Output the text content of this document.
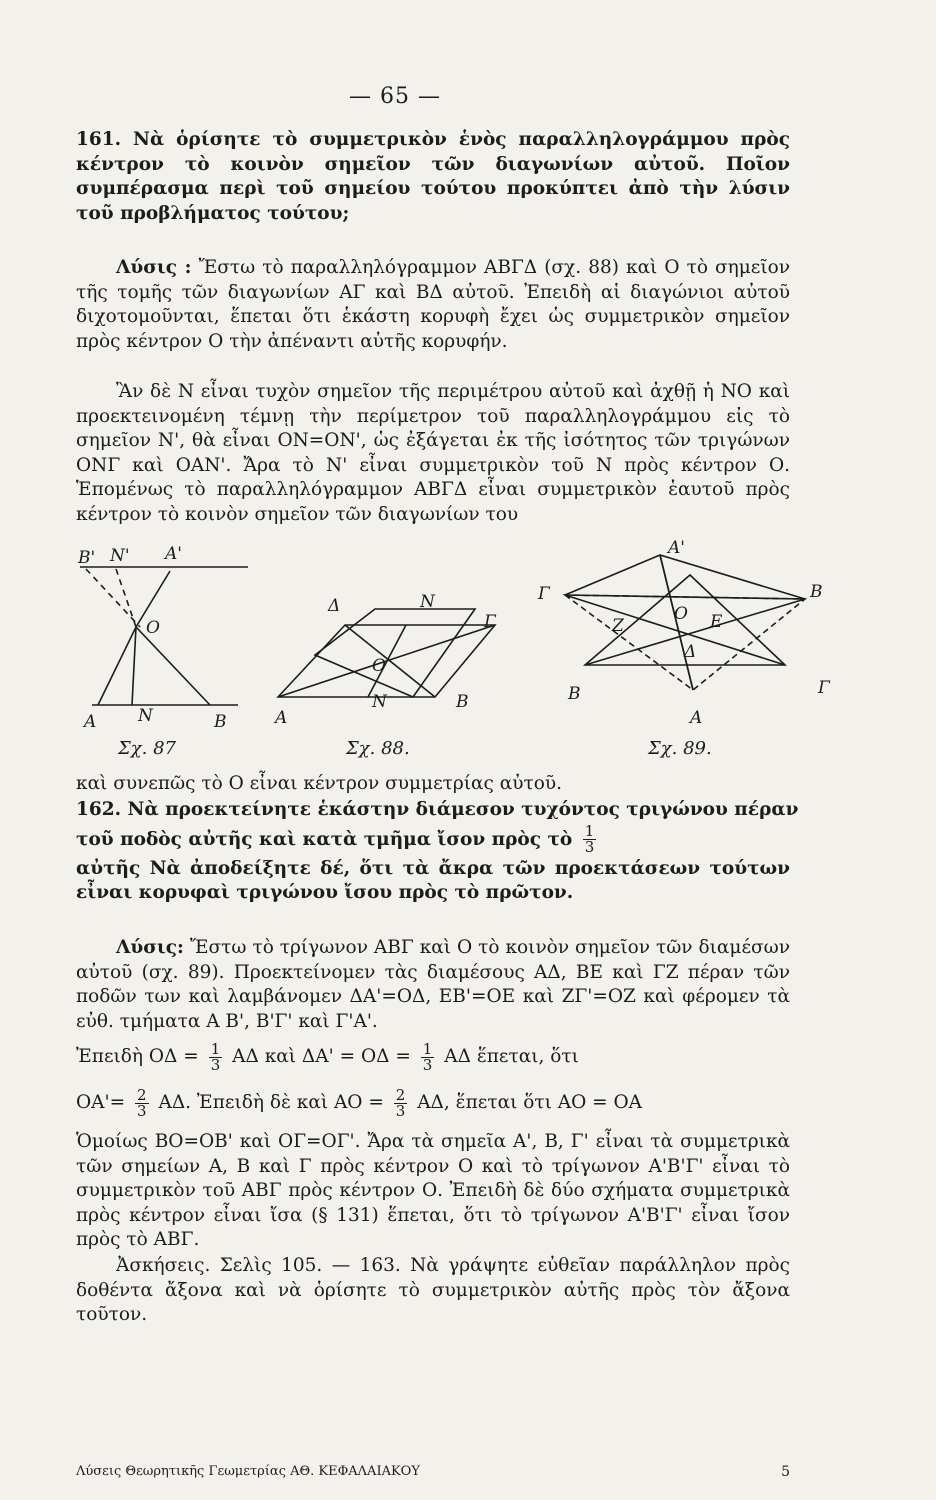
— 65 —
161. Νὰ ὁρίσητε τὸ συμμετρικὸν ἑνὸς παραλληλογράμμου πρὸς κέντρον τὸ κοινὸν σημεῖον τῶν διαγωνίων αὐτοῦ. Ποῖον συμπέρασμα περὶ τοῦ σημείου τούτου προκύπτει ἀπὸ τὴν λύσιν τοῦ προβλήματος τούτου;
Λύσις : Ἔστω τὸ παραλληλόγραμμον ΑΒΓΔ (σχ. 88) καὶ Ο τὸ σημεῖον τῆς τομῆς τῶν διαγωνίων ΑΓ καὶ ΒΔ αὐτοῦ. Ἐπειδὴ αἱ διαγώνιοι αὐτοῦ διχοτομοῦνται, ἕπεται ὅτι ἑκάστη κορυφὴ ἔχει ὡς συμμετρικὸν σημεῖον πρὸς κέντρον Ο τὴν ἀπέναντι αὐτῆς κορυφήν.
Ἂν δὲ Ν εἶναι τυχὸν σημεῖον τῆς περιμέτρου αὐτοῦ καὶ ἀχθῇ ἡ ΝΟ καὶ προεκτεινομένη τέμνῃ τὴν περίμετρον τοῦ παραλληλογράμμου εἰς τὸ σημεῖον Ν', θὰ εἶναι ΟΝ=ΟΝ', ὡς ἐξάγεται ἐκ τῆς ἰσότητος τῶν τριγώνων ΟΝΓ καὶ ΟΑΝ'. Ἄρα τὸ Ν' εἶναι συμμετρικὸν τοῦ Ν πρὸς κέντρον Ο. Ἑπομένως τὸ παραλληλόγραμμον ΑΒΓΔ εἶναι συμμετρικὸν ἑαυτοῦ πρὸς κέντρον τὸ κοινὸν σημεῖον τῶν διαγωνίων του
Β' Ν' Α'
Ο
Α Ν	Β
Δ	Ν
Γ
Ο
Α
Ν	Β
Α'
Γ	Β
Ο Ε
Ζ
Δ
Β	Γ
Α
Σχ. 87	Σχ. 88.	Σχ. 89.
καὶ συνεπῶς τὸ Ο εἶναι κέντρον συμμετρίας αὐτοῦ.
162. Νὰ προεκτείνητε ἑκάστην διάμεσον τυχόντος τριγώνου πέραν
τοῦ ποδὸς αὐτῆς καὶ κατὰ τμῆμα ἴσον πρὸς τὸ $\frac{1}{3}$
αὐτῆς Νὰ ἀποδείξητε δέ, ὅτι τὰ ἄκρα τῶν προεκτάσεων τούτων εἶναι κορυφαὶ τριγώνου ἴσου πρὸς τὸ πρῶτον.
Λύσις: Ἔστω τὸ τρίγωνον ΑΒΓ καὶ Ο τὸ κοινὸν σημεῖον τῶν διαμέσων αὐτοῦ (σχ. 89). Προεκτείνομεν τὰς διαμέσους ΑΔ, ΒΕ καὶ ΓΖ πέραν τῶν ποδῶν των καὶ λαμβάνομεν ΔΑ'=ΟΔ, ΕΒ'=ΟΕ καὶ ΖΓ'=ΟΖ καὶ φέρομεν τὰ εὐθ. τμήματα Α Β', Β'Γ' καὶ Γ'Α'.
Ἐπειδὴ $O\Delta = \frac{1}{3}$ ΑΔ καὶ $\Delta A' = O\Delta = \frac{1}{3}$ ΑΔ ἕπεται, ὅτι
$OA'= \frac{2}{3} A\Delta$. Ἐπειδὴ δὲ καὶ $AO = \frac{2}{3} A\Delta$, ἕπεται ὅτι ΑΟ = ΟΑ
Ὁμοίως ΒΟ=ΟΒ' καὶ ΟΓ=ΟΓ'. Ἄρα τὰ σημεῖα Α', Β, Γ' εἶναι τὰ συμμετρικὰ τῶν σημείων Α, Β καὶ Γ πρὸς κέντρον Ο καὶ τὸ τρίγωνον Α'Β'Γ' εἶναι τὸ συμμετρικὸν τοῦ ΑΒΓ πρὸς κέντρον Ο. Ἐπειδὴ δὲ δύο σχήματα συμμετρικὰ πρὸς κέντρον εἶναι ἴσα (§ 131) ἕπεται, ὅτι τὸ τρίγωνον Α'Β'Γ' εἶναι ἴσον πρὸς τὸ ΑΒΓ.
Ἀσκήσεις. Σελὶς 105. — 163. Νὰ γράψητε εὐθεῖαν παράλληλον πρὸς δοθέντα ἄξονα καὶ νὰ ὁρίσητε τὸ συμμετρικὸν αὐτῆς πρὸς τὸν ἄξονα τοῦτον.
Λύσεις Θεωρητικῆς Γεωμετρίας ΑΘ. ΚΕΦΑΛΑΙΑΚΟΥ	5
